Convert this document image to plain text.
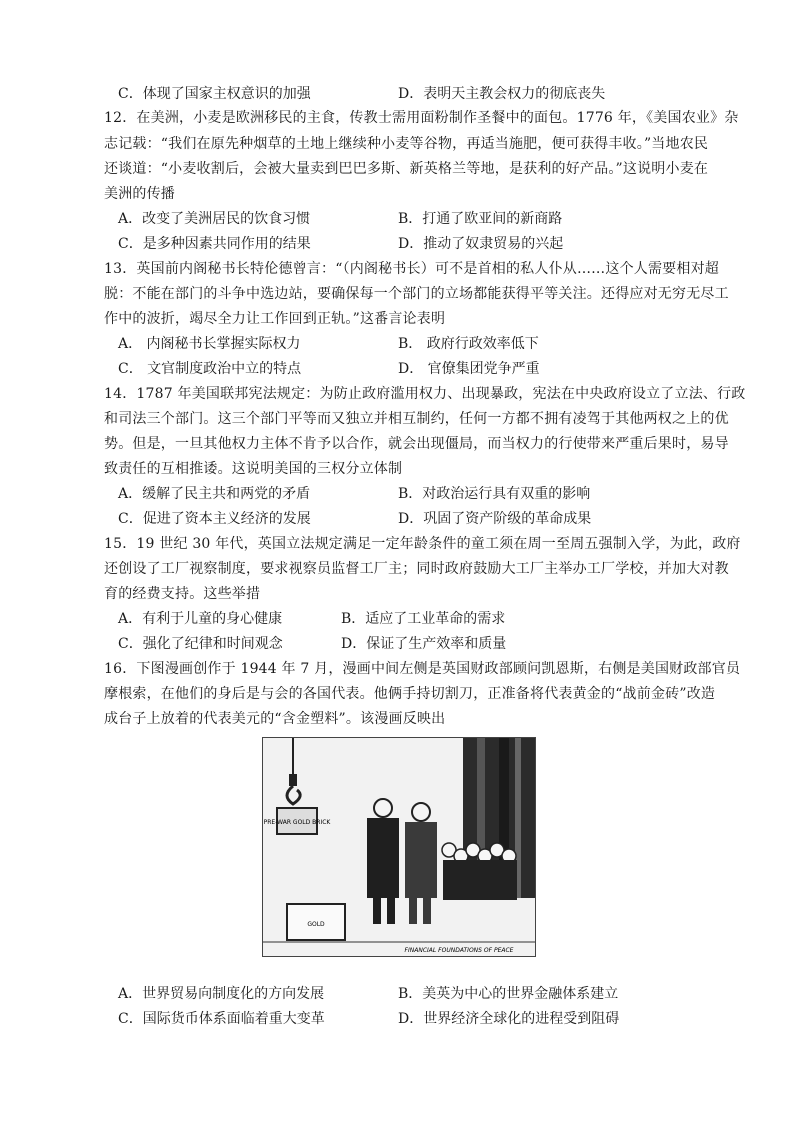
C．体现了国家主权意识的加强	D．表明天主教会权力的彻底丧失
12．在美洲，小麦是欧洲移民的主食，传教士需用面粉制作圣餐中的面包。1776 年，《美国农业》杂
志记载：“我们在原先种烟草的土地上继续种小麦等谷物，再适当施肥，便可获得丰收。”当地农民
还谈道：“小麦收割后，会被大量卖到巴巴多斯、新英格兰等地，是获利的好产品。”这说明小麦在
美洲的传播
A．改变了美洲居民的饮食习惯	B．打通了欧亚间的新商路
C．是多种因素共同作用的结果	D．推动了奴隶贸易的兴起
13．英国前内阁秘书长特伦德曾言：“（内阁秘书长）可不是首相的私人仆从……这个人需要相对超
脱：不能在部门的斗争中选边站，要确保每一个部门的立场都能获得平等关注。还得应对无穷无尽工
作中的波折，竭尽全力让工作回到正轨。”这番言论表明
A． 内阁秘书长掌握实际权力	B． 政府行政效率低下
C． 文官制度政治中立的特点	D． 官僚集团党争严重
14．1787 年美国联邦宪法规定：为防止政府滥用权力、出现暴政，宪法在中央政府设立了立法、行政
和司法三个部门。这三个部门平等而又独立并相互制约，任何一方都不拥有凌驾于其他两权之上的优
势。但是，一旦其他权力主体不肯予以合作，就会出现僵局，而当权力的行使带来严重后果时，易导
致责任的互相推诿。这说明美国的三权分立体制
A．缓解了民主共和两党的矛盾	B．对政治运行具有双重的影响
C．促进了资本主义经济的发展	D．巩固了资产阶级的革命成果
15．19 世纪 30 年代，英国立法规定满足一定年龄条件的童工须在周一至周五强制入学，为此，政府
还创设了工厂视察制度，要求视察员监督工厂主；同时政府鼓励大工厂主举办工厂学校，并加大对教
育的经费支持。这些举措
A．有利于儿童的身心健康	B．适应了工业革命的需求
C．强化了纪律和时间观念	D．保证了生产效率和质量
16．下图漫画创作于 1944 年 7 月，漫画中间左侧是英国财政部顾问凯恩斯，右侧是美国财政部官员
摩根索，在他们的身后是与会的各国代表。他俩手持切割刀，正准备将代表黄金的“战前金砖”改造
成台子上放着的代表美元的“含金塑料”。该漫画反映出
PRE-WAR GOLD BRICK
GOLD
FINANCIAL FOUNDATIONS OF PEACE
A．世界贸易向制度化的方向发展	B．美英为中心的世界金融体系建立
C．国际货币体系面临着重大变革	D．世界经济全球化的进程受到阻碍
